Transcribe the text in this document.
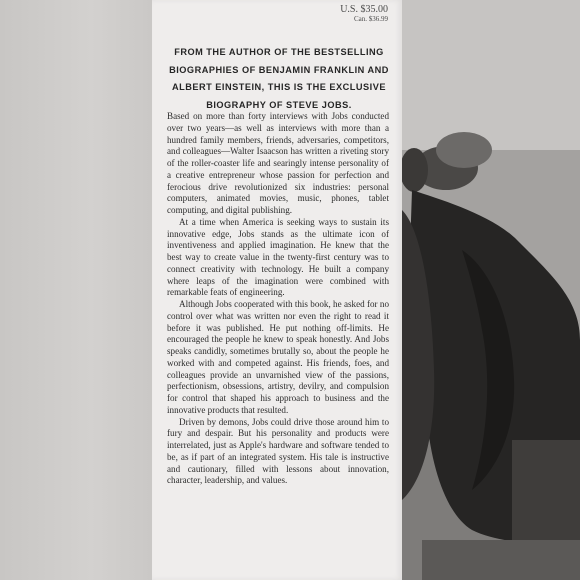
U.S. $35.00
Can. $36.99
FROM THE AUTHOR OF THE BESTSELLING BIOGRAPHIES OF BENJAMIN FRANKLIN AND ALBERT EINSTEIN, THIS IS THE EXCLUSIVE BIOGRAPHY OF STEVE JOBS.

Based on more than forty interviews with Jobs conducted over two years—as well as interviews with more than a hundred family members, friends, adversaries, competitors, and colleagues—Walter Isaacson has written a riveting story of the roller-coaster life and searingly intense personality of a creative entrepreneur whose passion for perfection and ferocious drive revolutionized six industries: personal computers, animated movies, music, phones, tablet computing, and digital publishing.

At a time when America is seeking ways to sustain its innovative edge, Jobs stands as the ultimate icon of inventiveness and applied imagination. He knew that the best way to create value in the twenty-first century was to connect creativity with technology. He built a company where leaps of the imagination were combined with remarkable feats of engineering.

Although Jobs cooperated with this book, he asked for no control over what was written nor even the right to read it before it was published. He put nothing off-limits. He encouraged the people he knew to speak honestly. And Jobs speaks candidly, sometimes brutally so, about the people he worked with and competed against. His friends, foes, and colleagues provide an unvarnished view of the passions, perfectionism, obsessions, artistry, devilry, and compulsion for control that shaped his approach to business and the innovative products that resulted.

Driven by demons, Jobs could drive those around him to fury and despair. But his personality and products were interrelated, just as Apple's hardware and software tended to be, as if part of an integrated system. His tale is instructive and cautionary, filled with lessons about innovation, character, leadership, and values.
